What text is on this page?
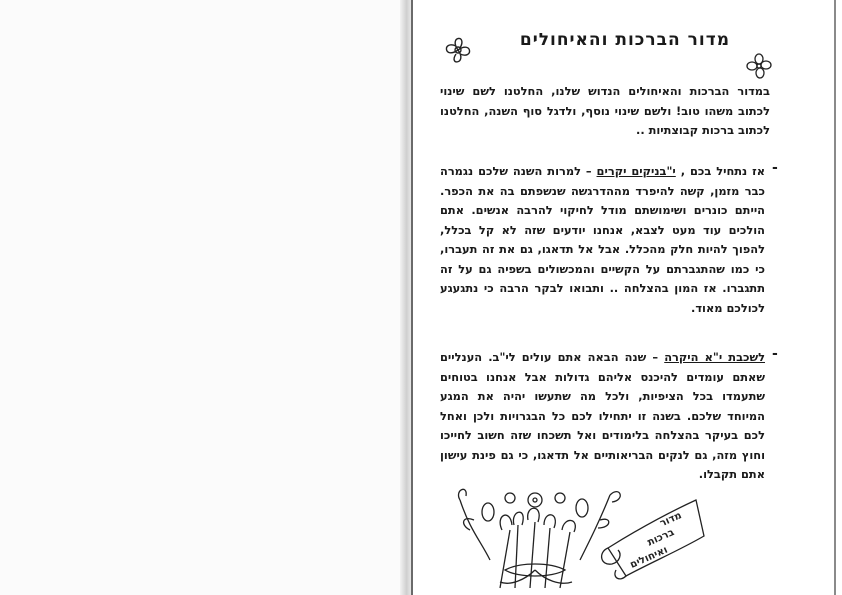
מדור הברכות והאיחולים
במדור הברכות והאיחולים הנדוש שלנו, החלטנו לשם שינוי לכתוב משהו טוב! ולשם שינוי נוסף, ולדגל סוף השנה, החלטנו לכתוב ברכות קבוצתיות ..
-
אז נתחיל בכם , י"בניקים יקרים – למרות השנה שלכם נגמרה כבר מזמן, קשה להיפרד מההדרגשה שנשפתם בה את הכפר. הייתם כונרים ושימושתם מודל לחיקוי להרבה אנשים. אתם הולכים עוד מעט לצבא, אנחנו יודעים שזה לא קל בכלל, להפוך להיות חלק מהכלל. אבל אל תדאגו, גם את זה תעברו, כי כמו שהתגברתם על הקשיים והמכשולים בשפיה גם על זה תתגברו. אז המון בהצלחה .. ותבואו לבקר הרבה כי נתגעגע לכולכם מאוד.
-
לשכבת י"א היקרה – שנה הבאה אתם עולים לי"ב. הענליים שאתם עומדים להיכנס אליהם גדולות אבל אנחנו בטוחים שתעמדו בכל הציפיות, ולכל מה שתעשו יהיה את המגע המיוחד שלכם. בשנה זו יתחילו לכם כל הבגרויות ולכן ואחל לכם בעיקר בהצלחה בלימודים ואל תשכחו שזה חשוב לחייכו וחוץ מזה, גם לנקים הבריאותיים אל תדאגו, כי גם פינת עישון אתם תקבלו.
מדור
ברכות
ואיחולים
